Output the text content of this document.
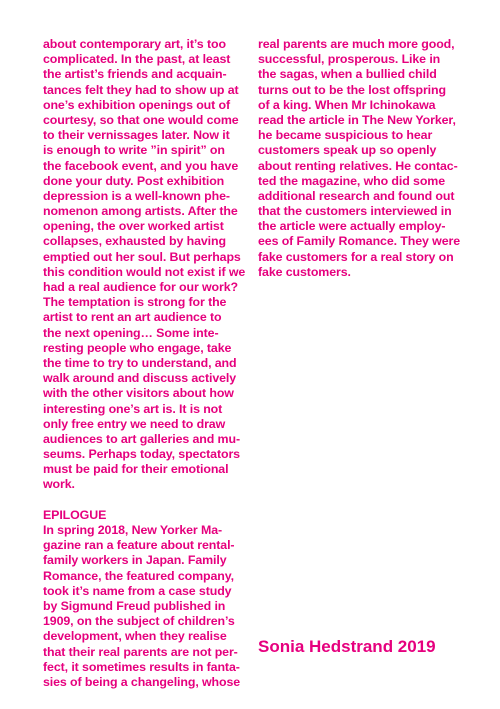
about contemporary art, it’s too
complicated. In the past, at least
the artist’s friends and acquain-
tances felt they had to show up at
one’s exhibition openings out of
courtesy, so that one would come
to their vernissages later. Now it
is enough to write ”in spirit” on
the facebook event, and you have
done your duty. Post exhibition
depression is a well-known phe-
nomenon among artists. After the
opening, the over worked artist
collapses, exhausted by having
emptied out her soul. But perhaps
this condition would not exist if we
had a real audience for our work?
The temptation is strong for the
artist to rent an art audience to
the next opening… Some inte-
resting people who engage, take
the time to try to understand, and
walk around and discuss actively
with the other visitors about how
interesting one’s art is. It is not
only free entry we need to draw
audiences to art galleries and mu-
seums. Perhaps today, spectators
must be paid for their emotional
work.
EPILOGUE
In spring 2018, New Yorker Ma-
gazine ran a feature about rental-
family workers in Japan. Family
Romance, the featured company,
took it’s name from a case study
by Sigmund Freud published in
1909, on the subject of children’s
development, when they realise
that their real parents are not per-
fect, it sometimes results in fanta-
sies of being a changeling, whose
real parents are much more good,
successful, prosperous. Like in
the sagas, when a bullied child
turns out to be the lost offspring
of a king. When Mr Ichinokawa
read the article in The New Yorker,
he became suspicious to hear
customers speak up so openly
about renting relatives. He contac-
ted the magazine, who did some
additional research and found out
that the customers interviewed in
the article were actually employ-
ees of Family Romance. They were
fake customers for a real story on
fake customers.
Sonia Hedstrand 2019
